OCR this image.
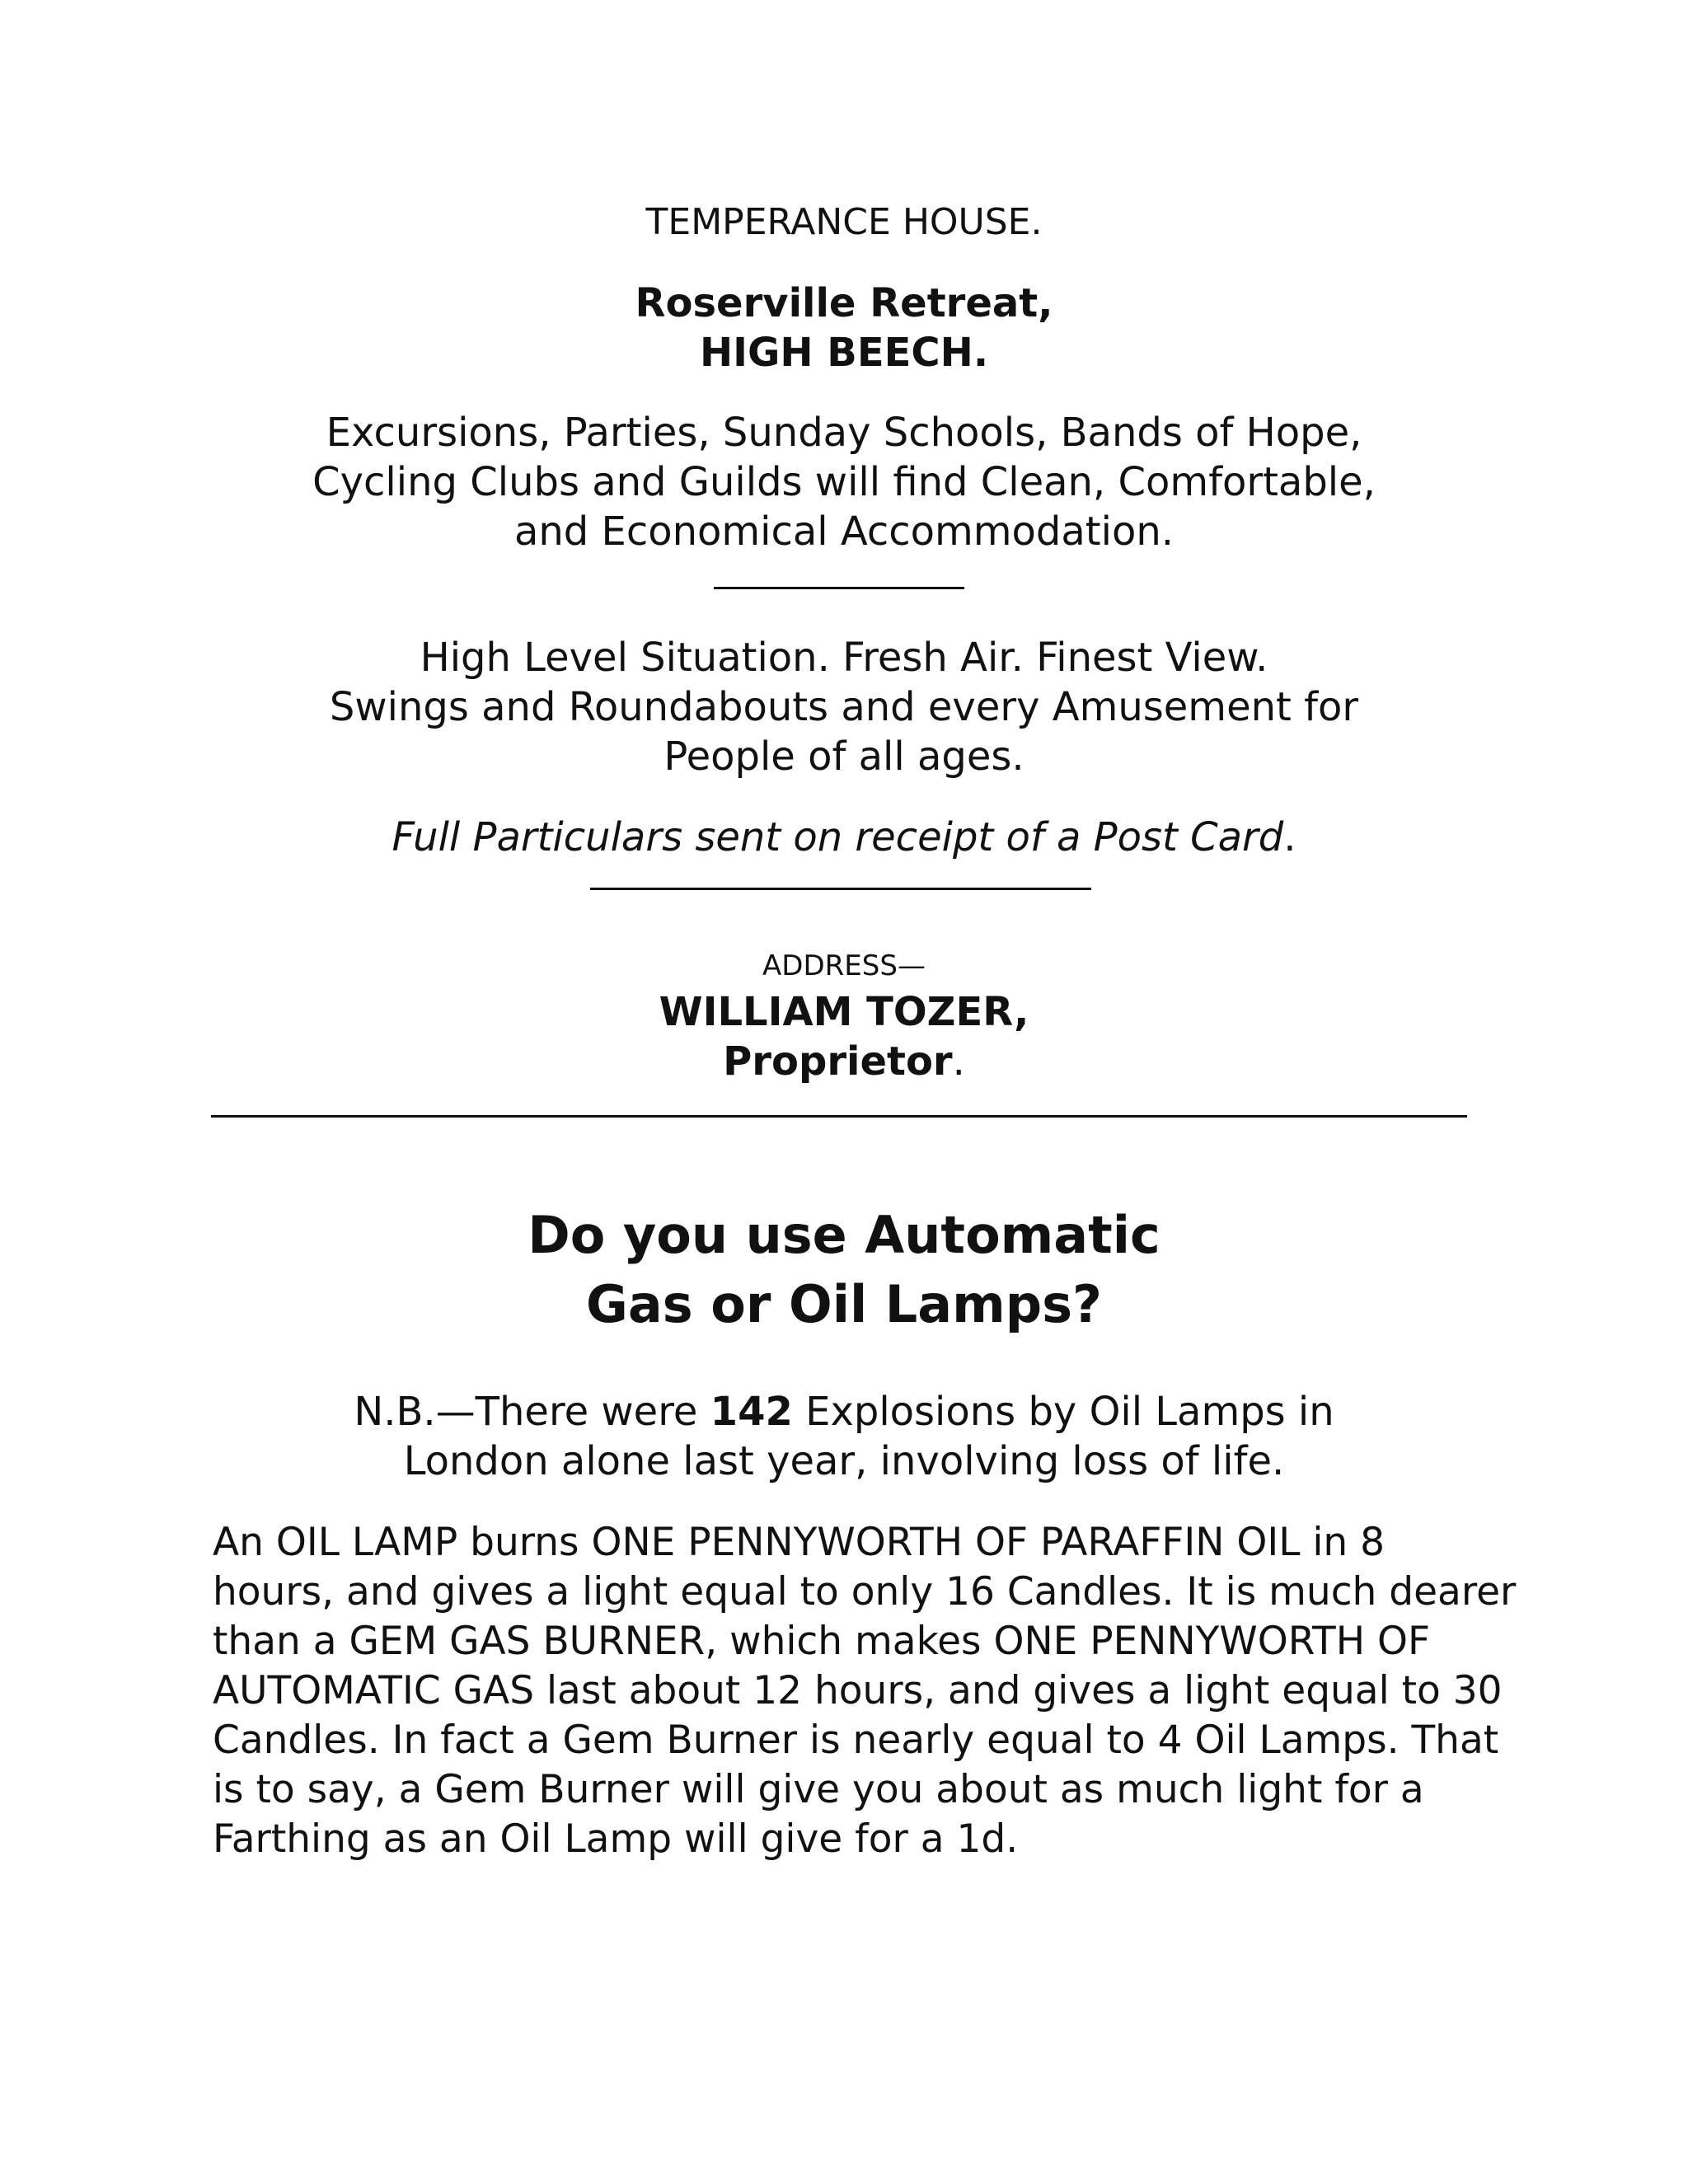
TEMPERANCE HOUSE.
Roserville Retreat,
HIGH BEECH.
Excursions, Parties, Sunday Schools, Bands of Hope,
Cycling Clubs and Guilds will find Clean, Comfortable,
and Economical Accommodation.
High Level Situation. Fresh Air. Finest View.
Swings and Roundabouts and every Amusement for
People of all ages.
Full Particulars sent on receipt of a Post Card.
ADDRESS—
WILLIAM TOZER,
Proprietor.
Do you use Automatic
Gas or Oil Lamps?
N.B.—There were 142 Explosions by Oil Lamps in
London alone last year, involving loss of life.
An OIL LAMP burns ONE PENNYWORTH OF PARAFFIN OIL in 8
hours, and gives a light equal to only 16 Candles. It is much dearer
than a GEM GAS BURNER, which makes ONE PENNYWORTH OF
AUTOMATIC GAS last about 12 hours, and gives a light equal to 30
Candles. In fact a Gem Burner is nearly equal to 4 Oil Lamps. That
is to say, a Gem Burner will give you about as much light for a
Farthing as an Oil Lamp will give for a 1d.
